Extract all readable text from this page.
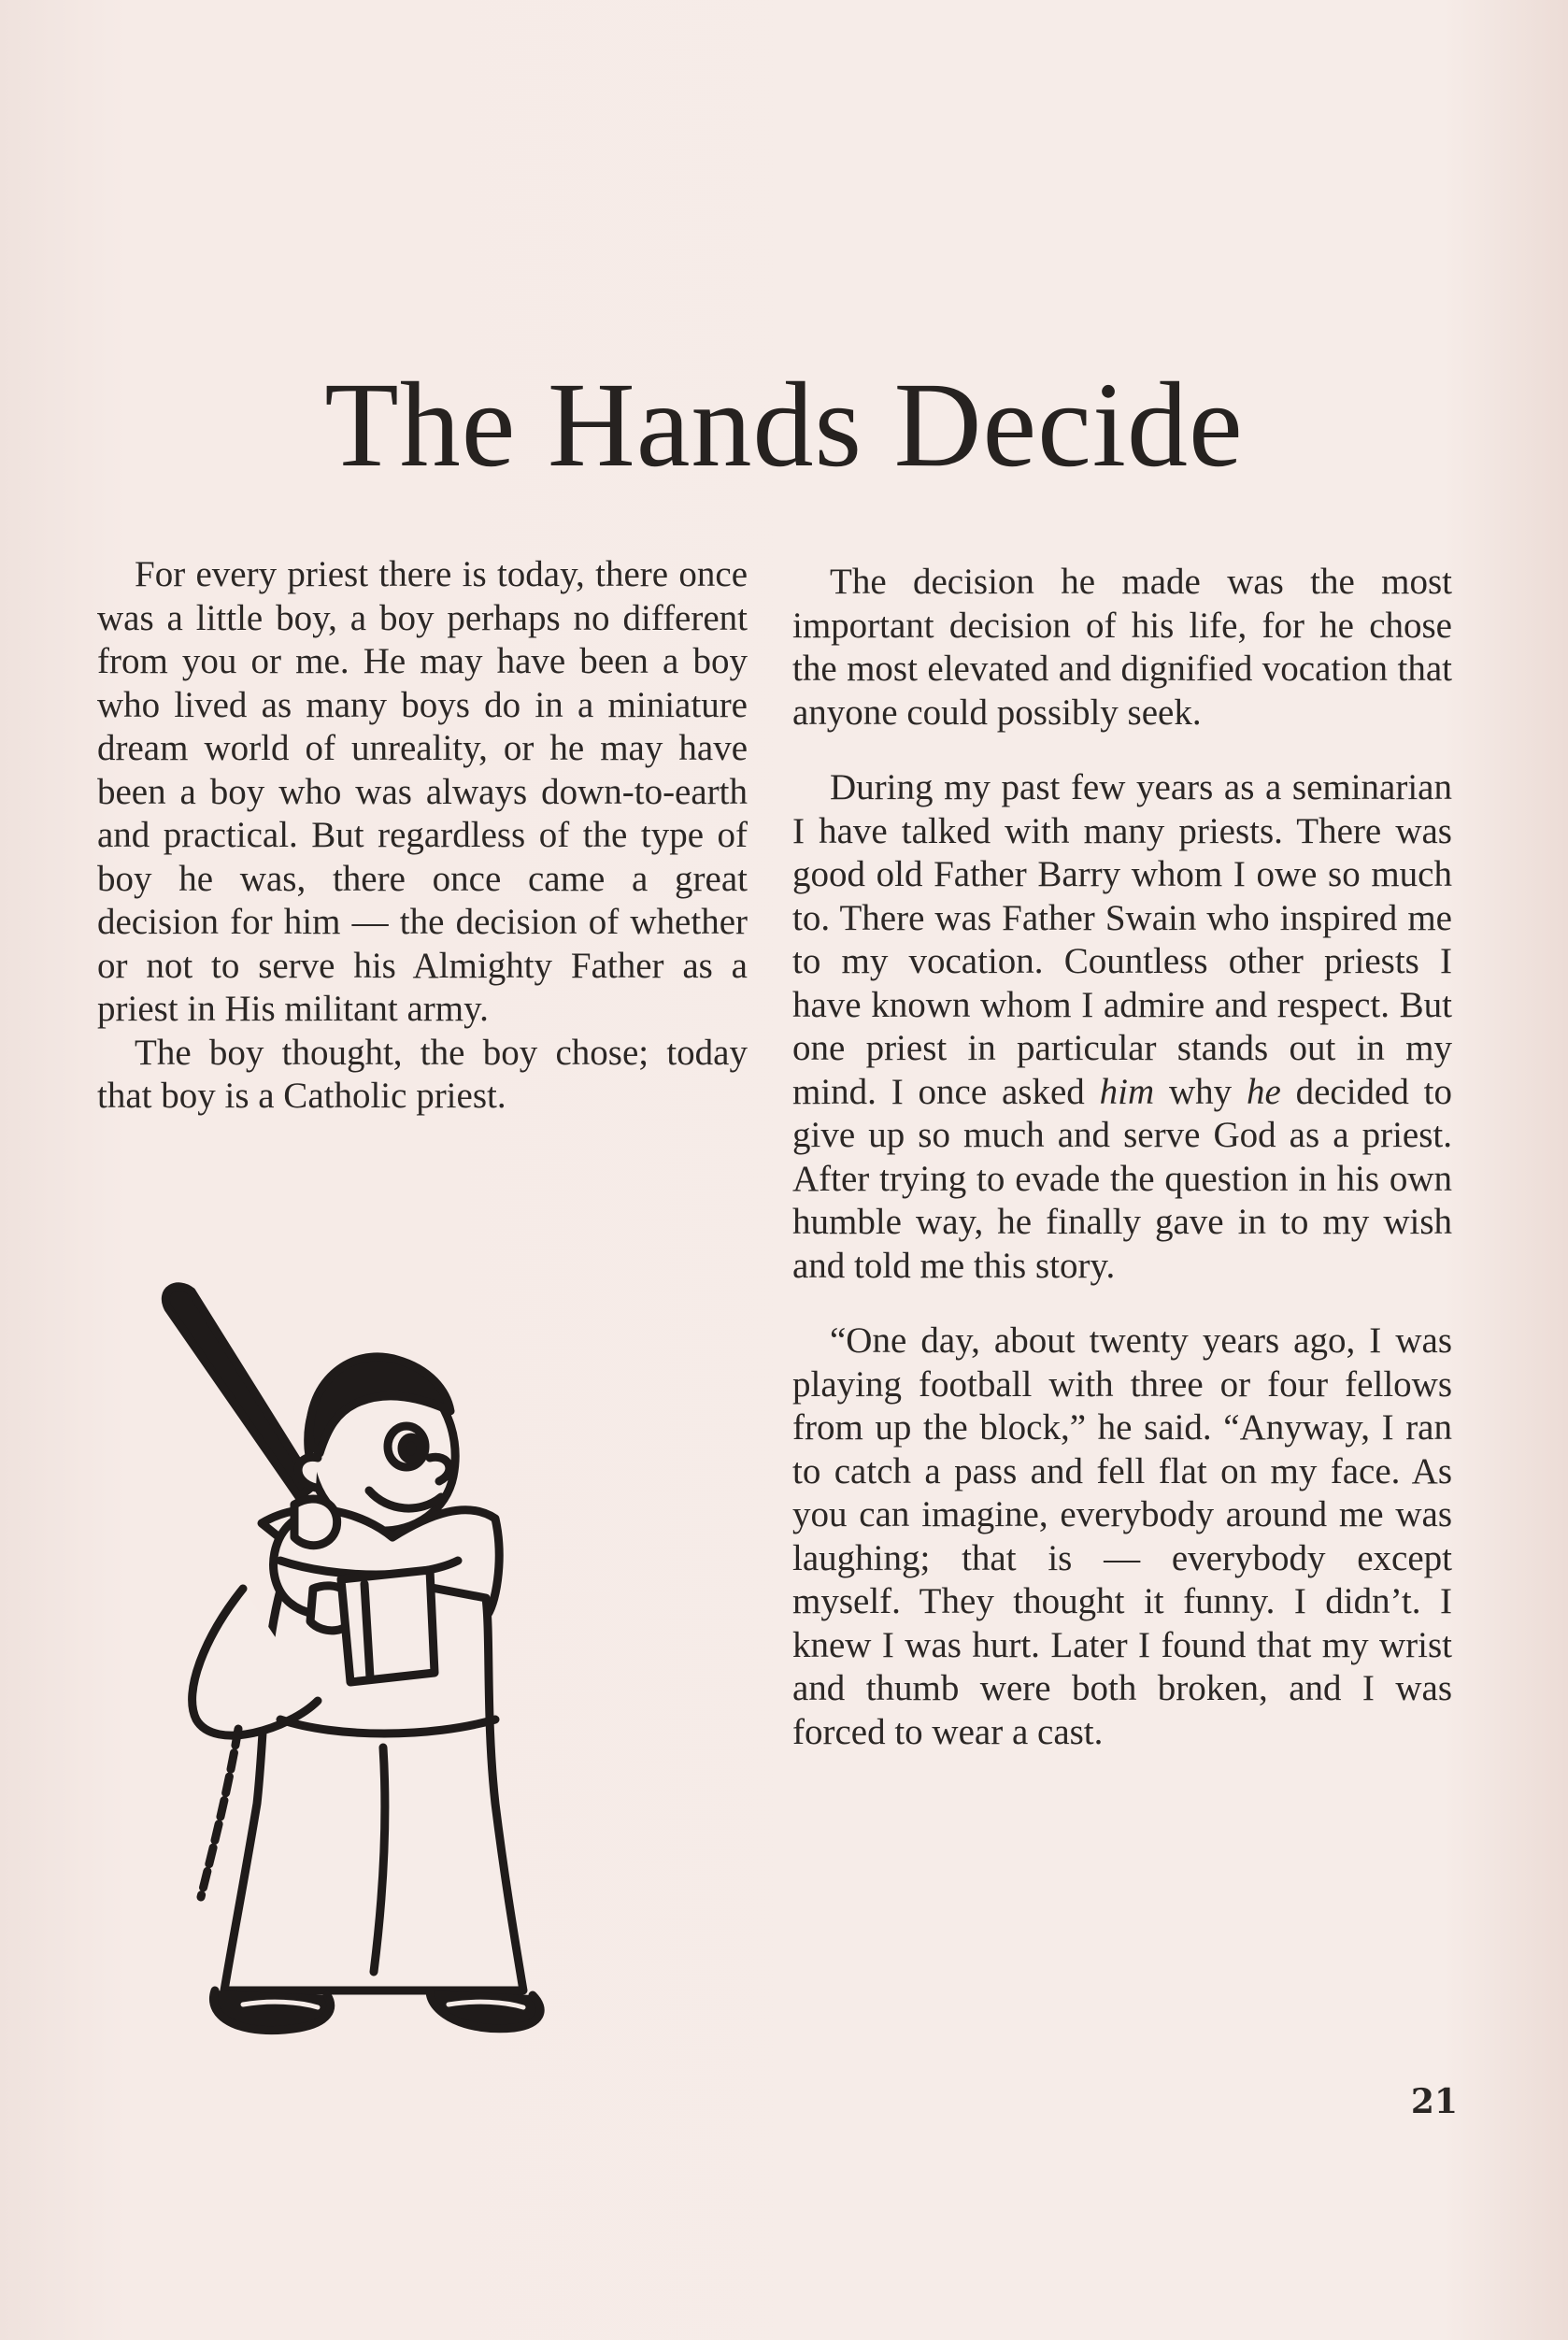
The Hands Decide

For every priest there is today, there once was a little boy, a boy perhaps no different from you or me. He may have been a boy who lived as many boys do in a miniature dream world of unreality, or he may have been a boy who was always down-to-earth and practical. But regardless of the type of boy he was, there once came a great decision for him — the decision of whether or not to serve his Almighty Father as a priest in His militant army.

The boy thought, the boy chose; today that boy is a Catholic priest.

The decision he made was the most important decision of his life, for he chose the most elevated and dignified vocation that anyone could possibly seek.

During my past few years as a seminarian I have talked with many priests. There was good old Father Barry whom I owe so much to. There was Father Swain who inspired me to my vocation. Countless other priests I have known whom I admire and respect. But one priest in particular stands out in my mind. I once asked him why he decided to give up so much and serve God as a priest. After trying to evade the question in his own humble way, he finally gave in to my wish and told me this story.

“One day, about twenty years ago, I was playing football with three or four fellows from up the block,” he said. “Anyway, I ran to catch a pass and fell flat on my face. As you can imagine, everybody around me was laughing; that is — everybody except myself. They thought it funny. I didn’t. I knew I was hurt. Later I found that my wrist and thumb were both broken, and I was forced to wear a cast.

21
